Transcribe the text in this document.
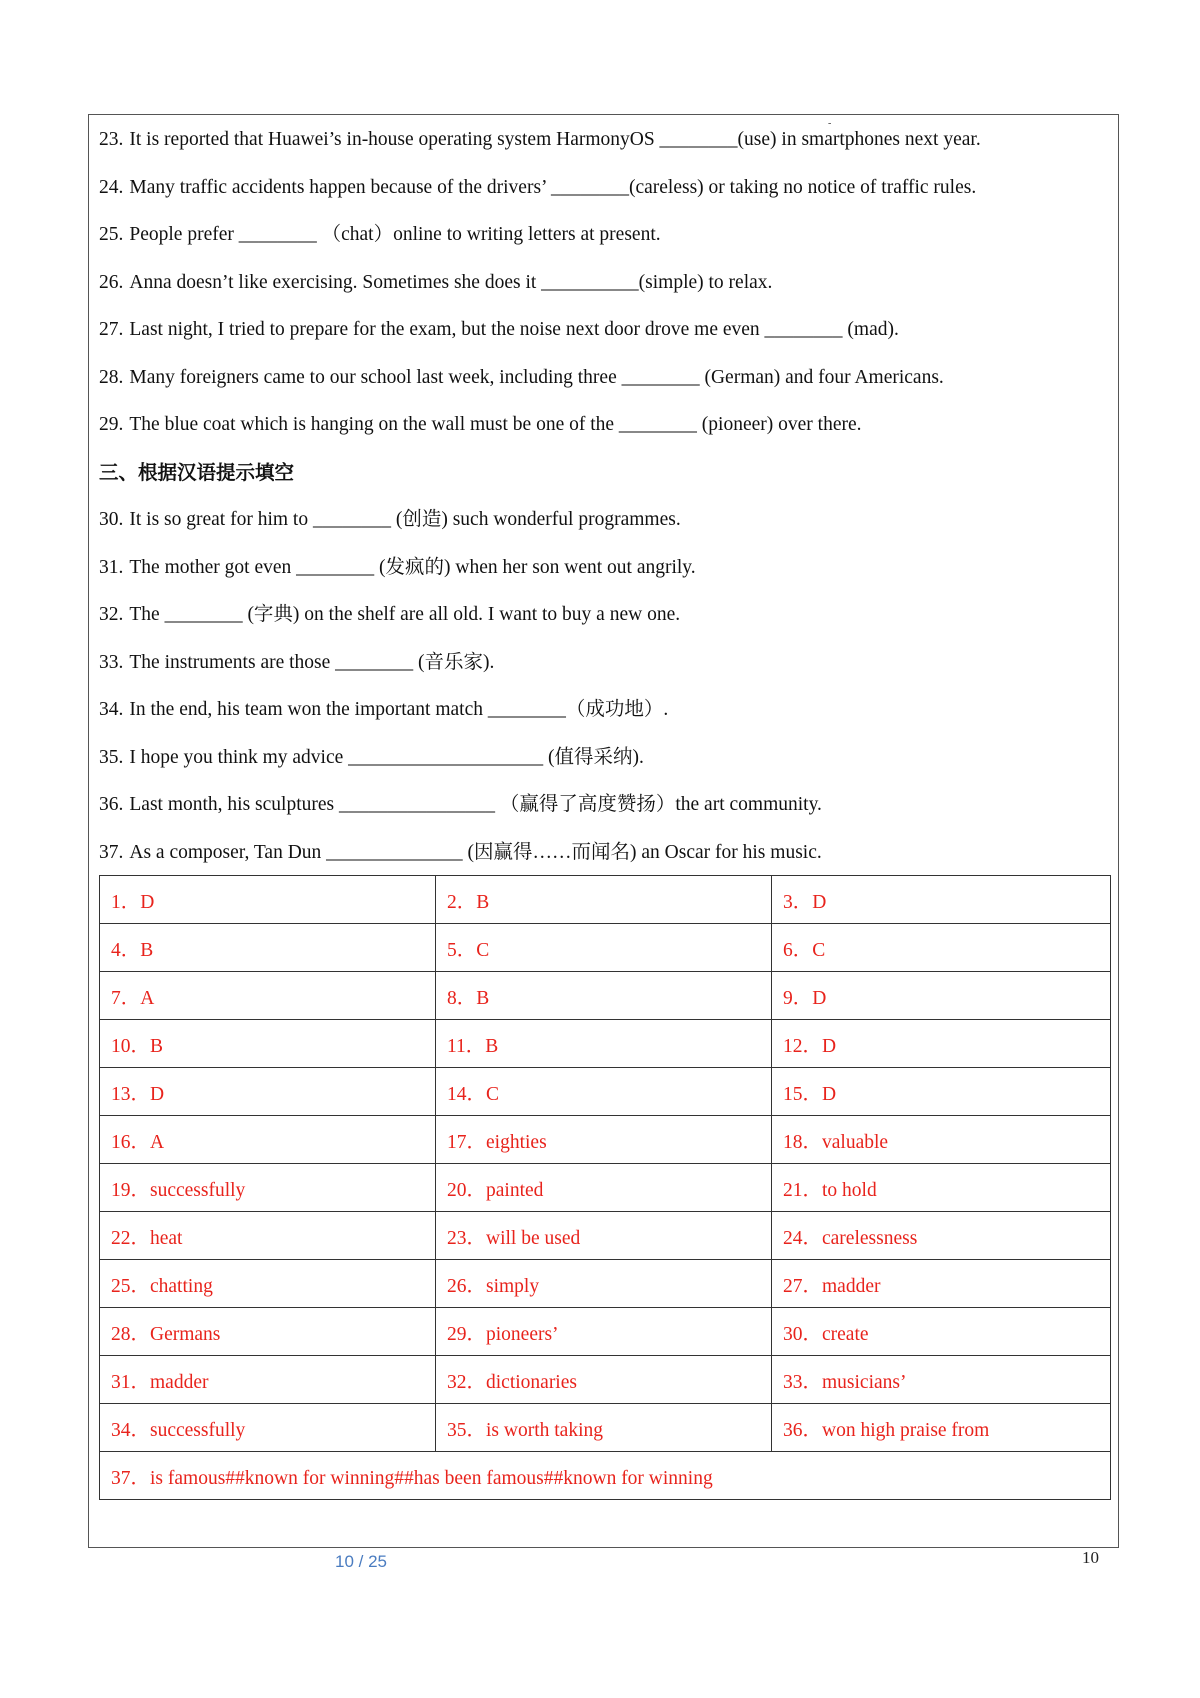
-
23. It is reported that Huawei’s in-house operating system HarmonyOS ________(use) in smartphones next year.
24. Many traffic accidents happen because of the drivers’ ________(careless) or taking no notice of traffic rules.
25. People prefer ________ （chat）online to writing letters at present.
26. Anna doesn’t like exercising. Sometimes she does it __________(simple) to relax.
27. Last night, I tried to prepare for the exam, but the noise next door drove me even ________ (mad).
28. Many foreigners came to our school last week, including three ________ (German) and four Americans.
29. The blue coat which is hanging on the wall must be one of the ________ (pioneer) over there.
三、根据汉语提示填空
30. It is so great for him to ________ (创造) such wonderful programmes.
31. The mother got even ________ (发疯的) when her son went out angrily.
32. The ________ (字典) on the shelf are all old. I want to buy a new one.
33. The instruments are those ________ (音乐家).
34. In the end, his team won the important match ________（成功地）.
35. I hope you think my advice ____________________ (值得采纳).
36. Last month, his sculptures ________________ （赢得了高度赞扬）the art community.
37. As a composer, Tan Dun ______________ (因赢得……而闻名) an Oscar for his music.
1．D	2．B	3．D
4．B	5．C	6．C
7．A	8．B	9．D
10．B	11．B	12．D
13．D	14．C	15．D
16．A	17．eighties	18．valuable
19．successfully	20．painted	21．to hold
22．heat	23．will be used	24．carelessness
25．chatting	26．simply	27．madder
28．Germans	29．pioneers’	30．create
31．madder	32．dictionaries	33．musicians’
34．successfully	35．is worth taking	36．won high praise from
37．is famous##known for winning##has been famous##known for winning		
10 / 25	10
